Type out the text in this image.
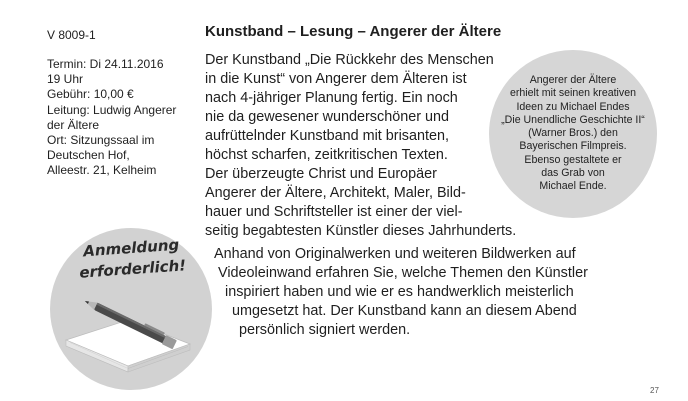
V 8009-1
Termin: Di 24.11.2016
19 Uhr
Gebühr: 10,00 €
Leitung: Ludwig Angerer
der Ältere
Ort: Sitzungssaal im
Deutschen Hof,
Alleestr. 21, Kelheim
Kunstband – Lesung – Angerer der Ältere
Angerer der Ältere
erhielt mit seinen kreativen
Ideen zu Michael Endes
„Die Unendliche Geschichte II“
(Warner Bros.) den
Bayerischen Filmpreis.
Ebenso gestaltete er
das Grab von
Michael Ende.
Der Kunstband „Die Rückkehr des Menschen
in die Kunst“ von Angerer dem Älteren ist
nach 4-jähriger Planung fertig. Ein noch
nie da gewesener wunderschöner und
aufrüttelnder Kunstband mit brisanten,
höchst scharfen, zeitkritischen Texten.
Der überzeugte Christ und Europäer
Angerer der Ältere, Architekt, Maler, Bild-
hauer und Schriftsteller ist einer der viel-
seitig begabtesten Künstler dieses Jahrhunderts.
Anmeldung
erforderlich!
Anhand von Originalwerken und weiteren Bildwerken auf
Videoleinwand erfahren Sie, welche Themen den Künstler
inspiriert haben und wie er es handwerklich meisterlich
umgesetzt hat. Der Kunstband kann an diesem Abend
persönlich signiert werden.
27
